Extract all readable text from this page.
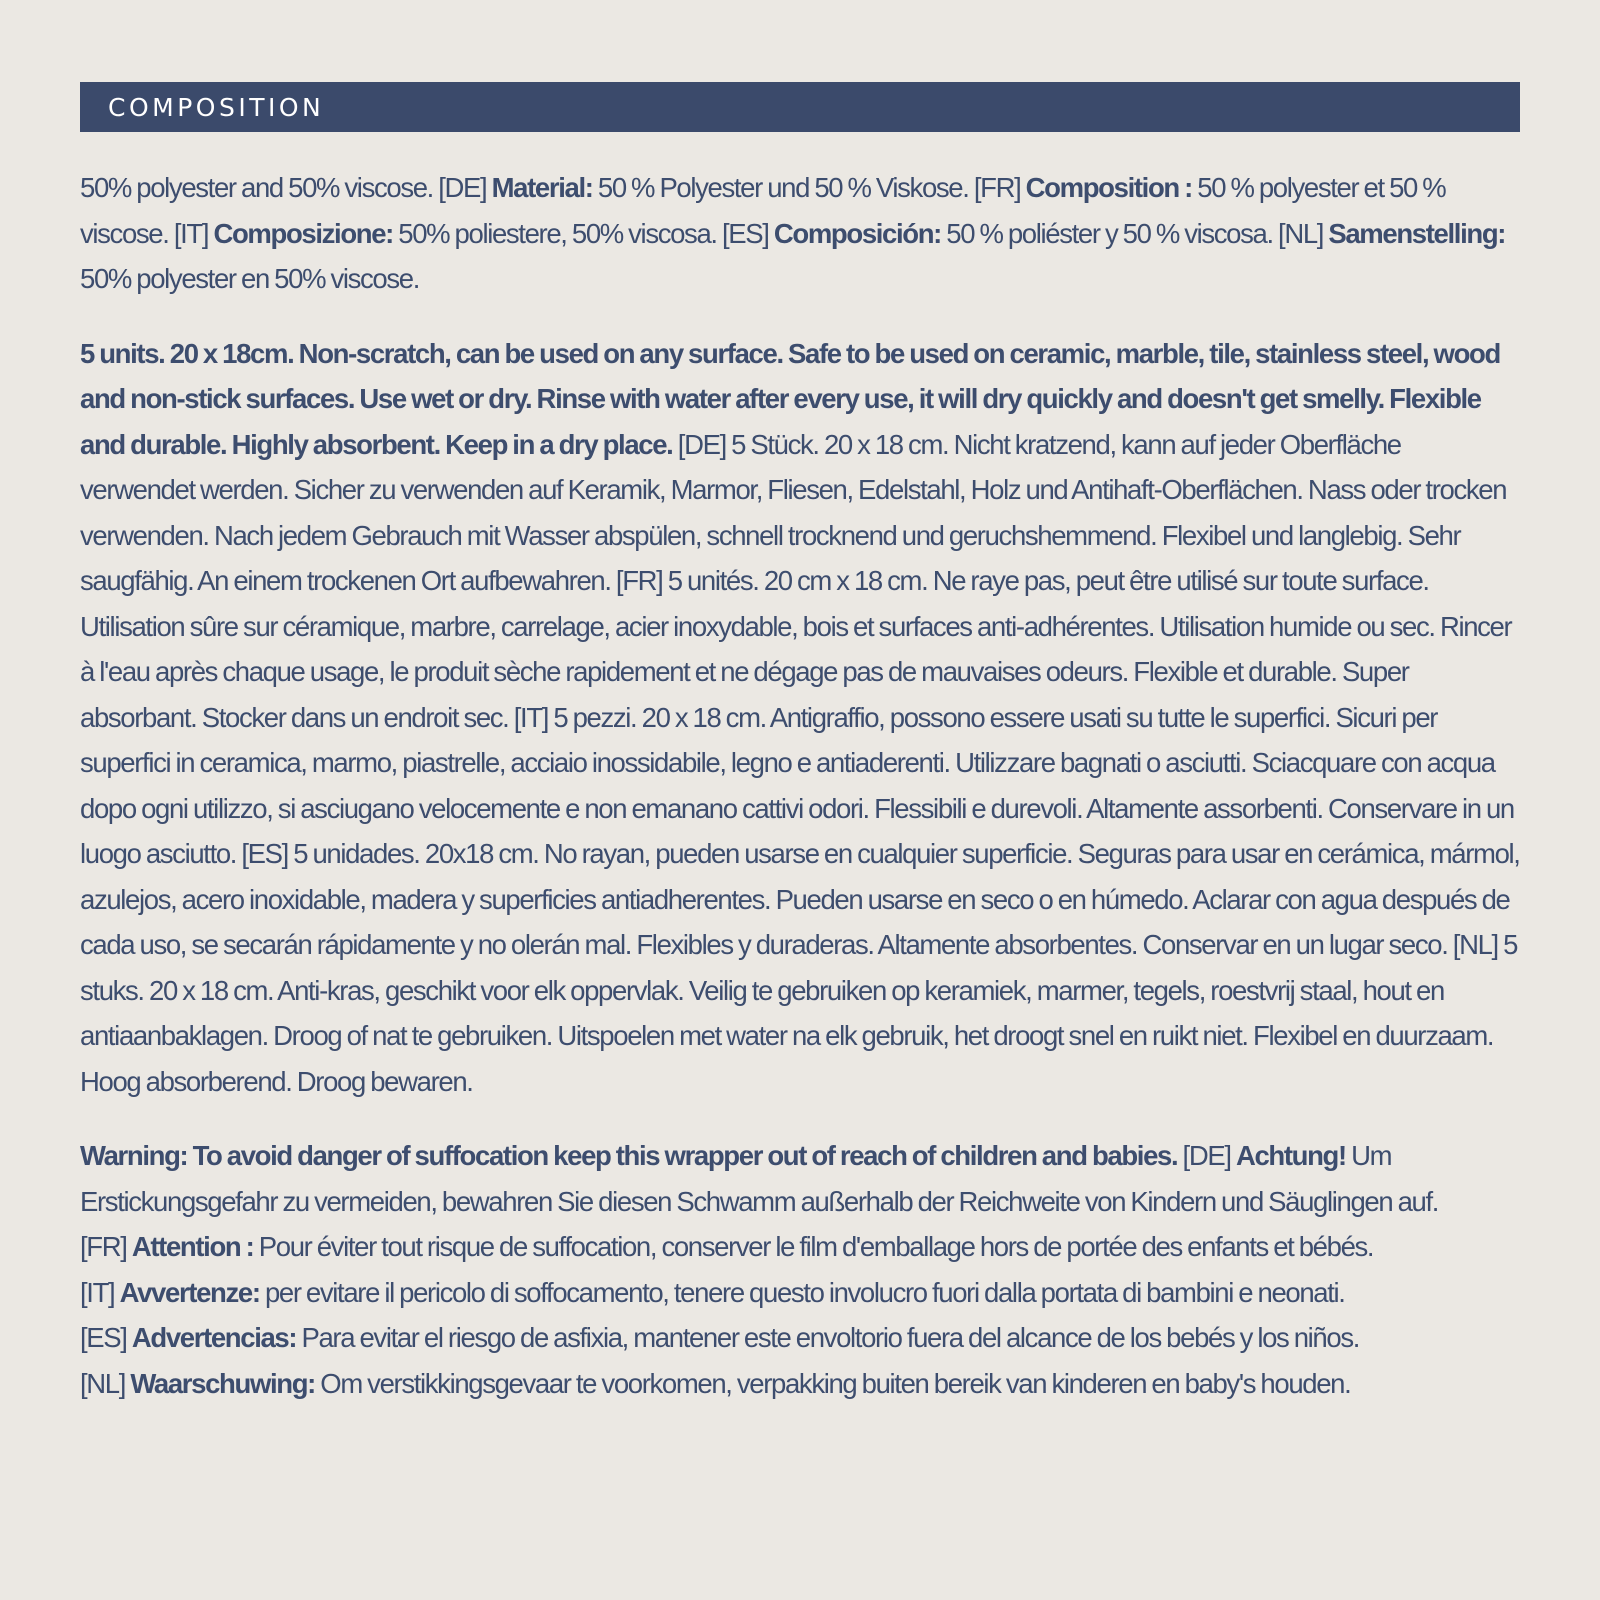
COMPOSITION

50% polyester and 50% viscose. [DE] Material: 50 % Polyester und 50 % Viskose. [FR] Composition : 50 % polyester et 50 % viscose. [IT] Composizione: 50% poliestere, 50% viscosa. [ES] Composición: 50 % poliéster y 50 % viscosa. [NL] Samenstelling: 50% polyester en 50% viscose.

5 units. 20 x 18cm. Non-scratch, can be used on any surface. Safe to be used on ceramic, marble, tile, stainless steel, wood and non-stick surfaces. Use wet or dry. Rinse with water after every use, it will dry quickly and doesn't get smelly. Flexible and durable. Highly absorbent. Keep in a dry place. [DE] 5 Stück. 20 x 18 cm. Nicht kratzend, kann auf jeder Oberfläche verwendet werden. Sicher zu verwenden auf Keramik, Marmor, Fliesen, Edelstahl, Holz und Antihaft-Oberflächen. Nass oder trocken verwenden. Nach jedem Gebrauch mit Wasser abspülen, schnell trocknend und geruchshemmend. Flexibel und langlebig. Sehr saugfähig. An einem trockenen Ort aufbewahren. [FR] 5 unités. 20 cm x 18 cm. Ne raye pas, peut être utilisé sur toute surface. Utilisation sûre sur céramique, marbre, carrelage, acier inoxydable, bois et surfaces anti-adhérentes. Utilisation humide ou sec. Rincer à l'eau après chaque usage, le produit sèche rapidement et ne dégage pas de mauvaises odeurs. Flexible et durable. Super absorbant. Stocker dans un endroit sec. [IT] 5 pezzi. 20 x 18 cm. Antigraffio, possono essere usati su tutte le superfici. Sicuri per superfici in ceramica, marmo, piastrelle, acciaio inossidabile, legno e antiaderenti. Utilizzare bagnati o asciutti. Sciacquare con acqua dopo ogni utilizzo, si asciugano velocemente e non emanano cattivi odori. Flessibili e durevoli. Altamente assorbenti. Conservare in un luogo asciutto. [ES] 5 unidades. 20x18 cm. No rayan, pueden usarse en cualquier superficie. Seguras para usar en cerámica, mármol, azulejos, acero inoxidable, madera y superficies antiadherentes. Pueden usarse en seco o en húmedo. Aclarar con agua después de cada uso, se secarán rápidamente y no olerán mal. Flexibles y duraderas. Altamente absorbentes. Conservar en un lugar seco. [NL] 5 stuks. 20 x 18 cm. Anti-kras, geschikt voor elk oppervlak. Veilig te gebruiken op keramiek, marmer, tegels, roestvrij staal, hout en antiaanbaklagen. Droog of nat te gebruiken. Uitspoelen met water na elk gebruik, het droogt snel en ruikt niet. Flexibel en duurzaam. Hoog absorberend. Droog bewaren.

Warning: To avoid danger of suffocation keep this wrapper out of reach of children and babies. [DE] Achtung! Um Erstickungsgefahr zu vermeiden, bewahren Sie diesen Schwamm außerhalb der Reichweite von Kindern und Säuglingen auf.
[FR] Attention : Pour éviter tout risque de suffocation, conserver le film d'emballage hors de portée des enfants et bébés.
[IT] Avvertenze: per evitare il pericolo di soffocamento, tenere questo involucro fuori dalla portata di bambini e neonati.
[ES] Advertencias: Para evitar el riesgo de asfixia, mantener este envoltorio fuera del alcance de los bebés y los niños.
[NL] Waarschuwing: Om verstikkingsgevaar te voorkomen, verpakking buiten bereik van kinderen en baby's houden.
